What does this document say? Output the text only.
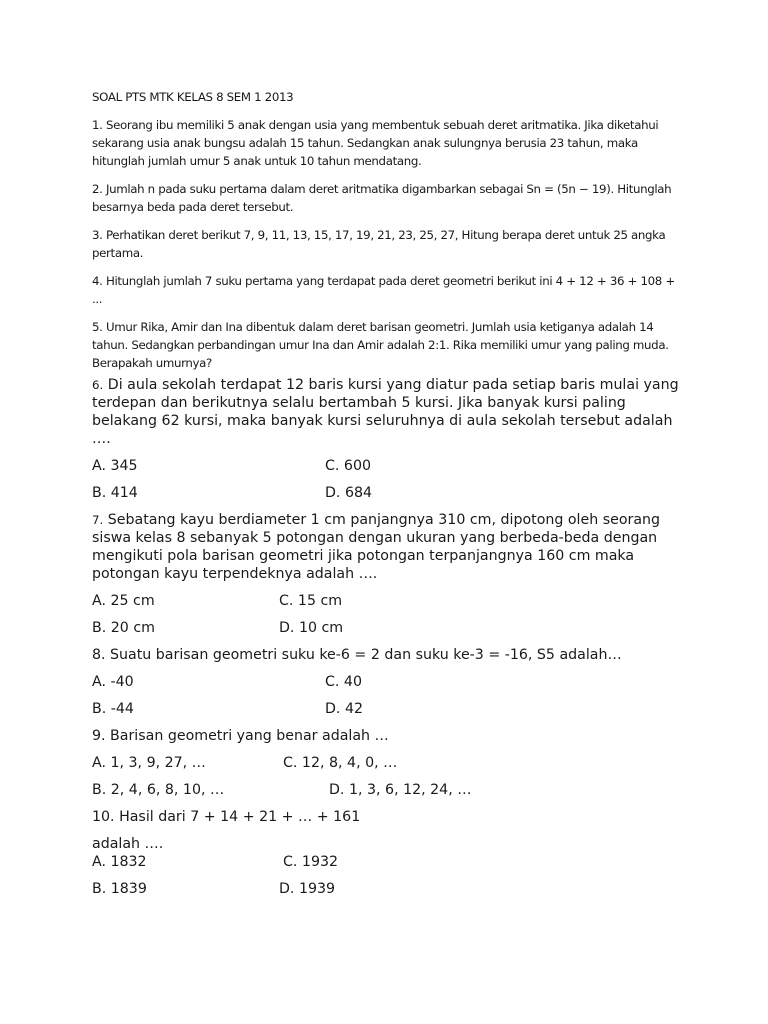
SOAL PTS MTK KELAS 8 SEM 1 2013
1. Seorang ibu memiliki 5 anak dengan usia yang membentuk sebuah deret aritmatika. Jika diketahui sekarang usia anak bungsu adalah 15 tahun. Sedangkan anak sulungnya berusia 23 tahun, maka hitunglah jumlah umur 5 anak untuk 10 tahun mendatang.
2. Jumlah n pada suku pertama dalam deret aritmatika digambarkan sebagai Sn = (5n − 19). Hitunglah besarnya beda pada deret tersebut.
3. Perhatikan deret berikut 7, 9, 11, 13, 15, 17, 19, 21, 23, 25, 27, Hitung berapa deret untuk 25 angka pertama.
4. Hitunglah jumlah 7 suku pertama yang terdapat pada deret geometri berikut ini 4 + 12 + 36 + 108 + ...
5. Umur Rika, Amir dan Ina dibentuk dalam deret barisan geometri. Jumlah usia ketiganya adalah 14 tahun. Sedangkan perbandingan umur Ina dan Amir adalah 2:1. Rika memiliki umur yang paling muda. Berapakah umurnya?
6. Di aula sekolah terdapat 12 baris kursi yang diatur pada setiap baris mulai yang terdepan dan berikutnya selalu bertambah 5 kursi. Jika banyak kursi paling belakang 62 kursi, maka banyak kursi seluruhnya di aula sekolah tersebut adalah ….
A. 345	C. 600
B. 414	D. 684
7. Sebatang kayu berdiameter 1 cm panjangnya 310 cm, dipotong oleh seorang siswa kelas 8 sebanyak 5 potongan dengan ukuran yang berbeda-beda dengan mengikuti pola barisan geometri jika potongan terpanjangnya 160 cm maka potongan kayu terpendeknya adalah ….
A. 25 cm	C. 15 cm
B. 20 cm	D. 10 cm
8. Suatu barisan geometri suku ke-6 = 2 dan suku ke-3 = -16, S5 adalah…
A. -40	C. 40
B. -44	D. 42
9. Barisan geometri yang benar adalah …
A. 1, 3, 9, 27, …	C. 12, 8, 4, 0, …
B. 2, 4, 6, 8, 10, …	D. 1, 3, 6, 12, 24, …
10. Hasil dari 7 + 14 + 21 + … + 161
adalah ….
A. 1832	C. 1932
B. 1839	D. 1939
